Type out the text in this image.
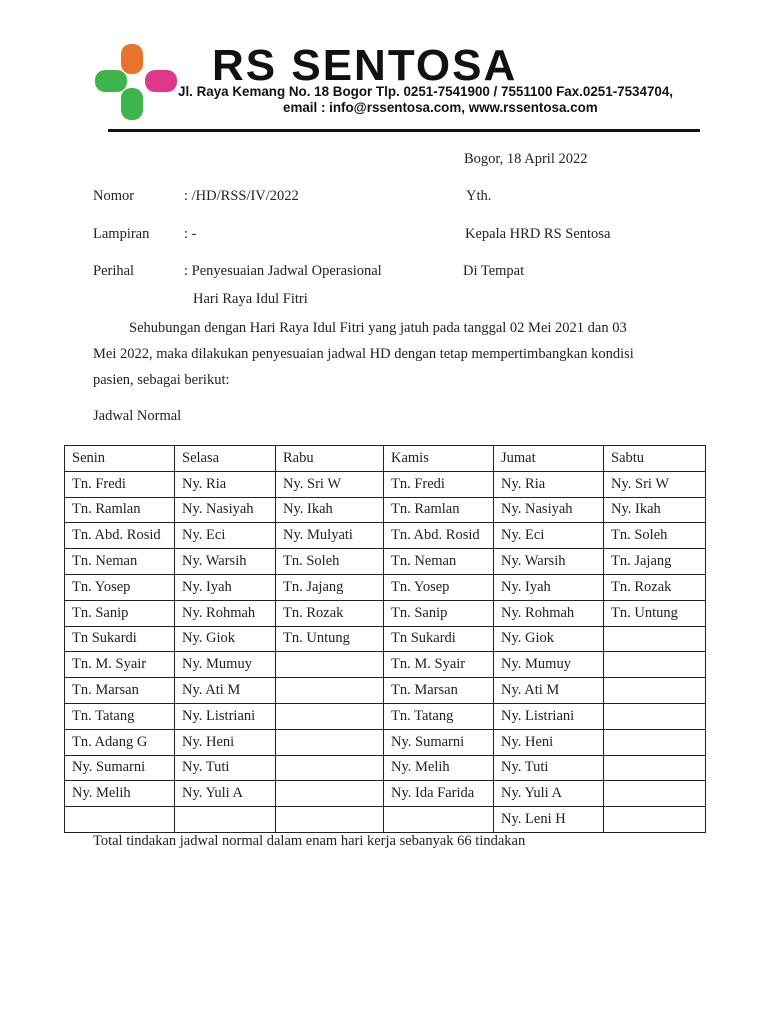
RS SENTOSA
Jl. Raya Kemang No. 18 Bogor Tlp. 0251-7541900 / 7551100 Fax.0251-7534704,
email : info@rssentosa.com, www.rssentosa.com
Bogor, 18 April 2022
Nomor	: /HD/RSS/IV/2022	Yth.
Lampiran : -	Kepala HRD RS Sentosa
Perihal	: Penyesuaian Jadwal Operasional	Di Tempat
Hari Raya Idul Fitri
Sehubungan dengan Hari Raya Idul Fitri yang jatuh pada tanggal 02 Mei 2021 dan 03
Mei 2022, maka dilakukan penyesuaian jadwal HD dengan tetap mempertimbangkan kondisi
pasien, sebagai berikut:
Jadwal Normal
Senin	Selasa	Rabu	Kamis	Jumat	Sabtu
Tn. Fredi	Ny. Ria	Ny. Sri W	Tn. Fredi	Ny. Ria	Ny. Sri W
Tn. Ramlan	Ny. Nasiyah	Ny. Ikah	Tn. Ramlan	Ny. Nasiyah	Ny. Ikah
Tn. Abd. Rosid	Ny. Eci	Ny. Mulyati	Tn. Abd. Rosid	Ny. Eci	Tn. Soleh
Tn. Neman	Ny. Warsih	Tn. Soleh	Tn. Neman	Ny. Warsih	Tn. Jajang
Tn. Yosep	Ny. Iyah	Tn. Jajang	Tn. Yosep	Ny. Iyah	Tn. Rozak
Tn. Sanip	Ny. Rohmah	Tn. Rozak	Tn. Sanip	Ny. Rohmah	Tn. Untung
Tn Sukardi	Ny. Giok	Tn. Untung	Tn Sukardi	Ny. Giok	
Tn. M. Syair	Ny. Mumuy		Tn. M. Syair	Ny. Mumuy	
Tn. Marsan	Ny. Ati M		Tn. Marsan	Ny. Ati M	
Tn. Tatang	Ny. Listriani		Tn. Tatang	Ny. Listriani	
Tn. Adang G	Ny. Heni		Ny. Sumarni	Ny. Heni	
Ny. Sumarni	Ny. Tuti		Ny. Melih	Ny. Tuti	
Ny. Melih	Ny. Yuli A		Ny. Ida Farida	Ny. Yuli A	
				Ny. Leni H	
Total tindakan jadwal normal dalam enam hari kerja sebanyak 66 tindakan
